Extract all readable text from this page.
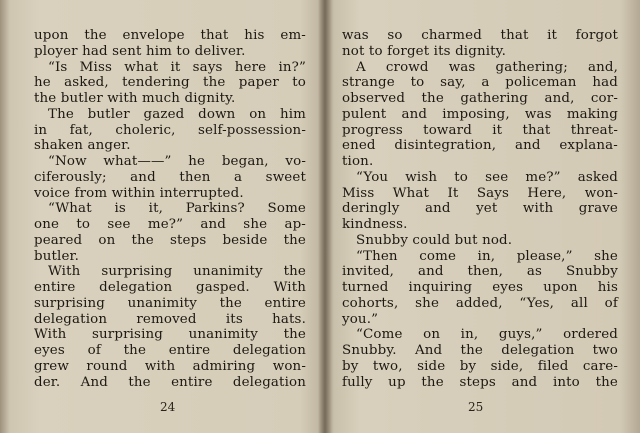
upon the envelope that his em-
ployer had sent him to deliver.
“Is Miss what it says here in?”
he asked, tendering the paper to
the butler with much dignity.
The butler gazed down on him
in fat, choleric, self-possession-
shaken anger.
“Now what——” he began, vo-
ciferously; and then a sweet
voice from within interrupted.
“What is it, Parkins? Some
one to see me?” and she ap-
peared on the steps beside the
butler.
With surprising unanimity the
entire delegation gasped. With
surprising unanimity the entire
delegation removed its hats.
With surprising unanimity the
eyes of the entire delegation
grew round with admiring won-
der. And the entire delegation
24
was so charmed that it forgot
not to forget its dignity.
A crowd was gathering; and,
strange to say, a policeman had
observed the gathering and, cor-
pulent and imposing, was making
progress toward it that threat-
ened disintegration, and explana-
tion.
“You wish to see me?” asked
Miss What It Says Here, won-
deringly and yet with grave
kindness.
Snubby could but nod.
“Then come in, please,” she
invited, and then, as Snubby
turned inquiring eyes upon his
cohorts, she added, “Yes, all of
you.”
“Come on in, guys,” ordered
Snubby. And the delegation two
by two, side by side, filed care-
fully up the steps and into the
25
